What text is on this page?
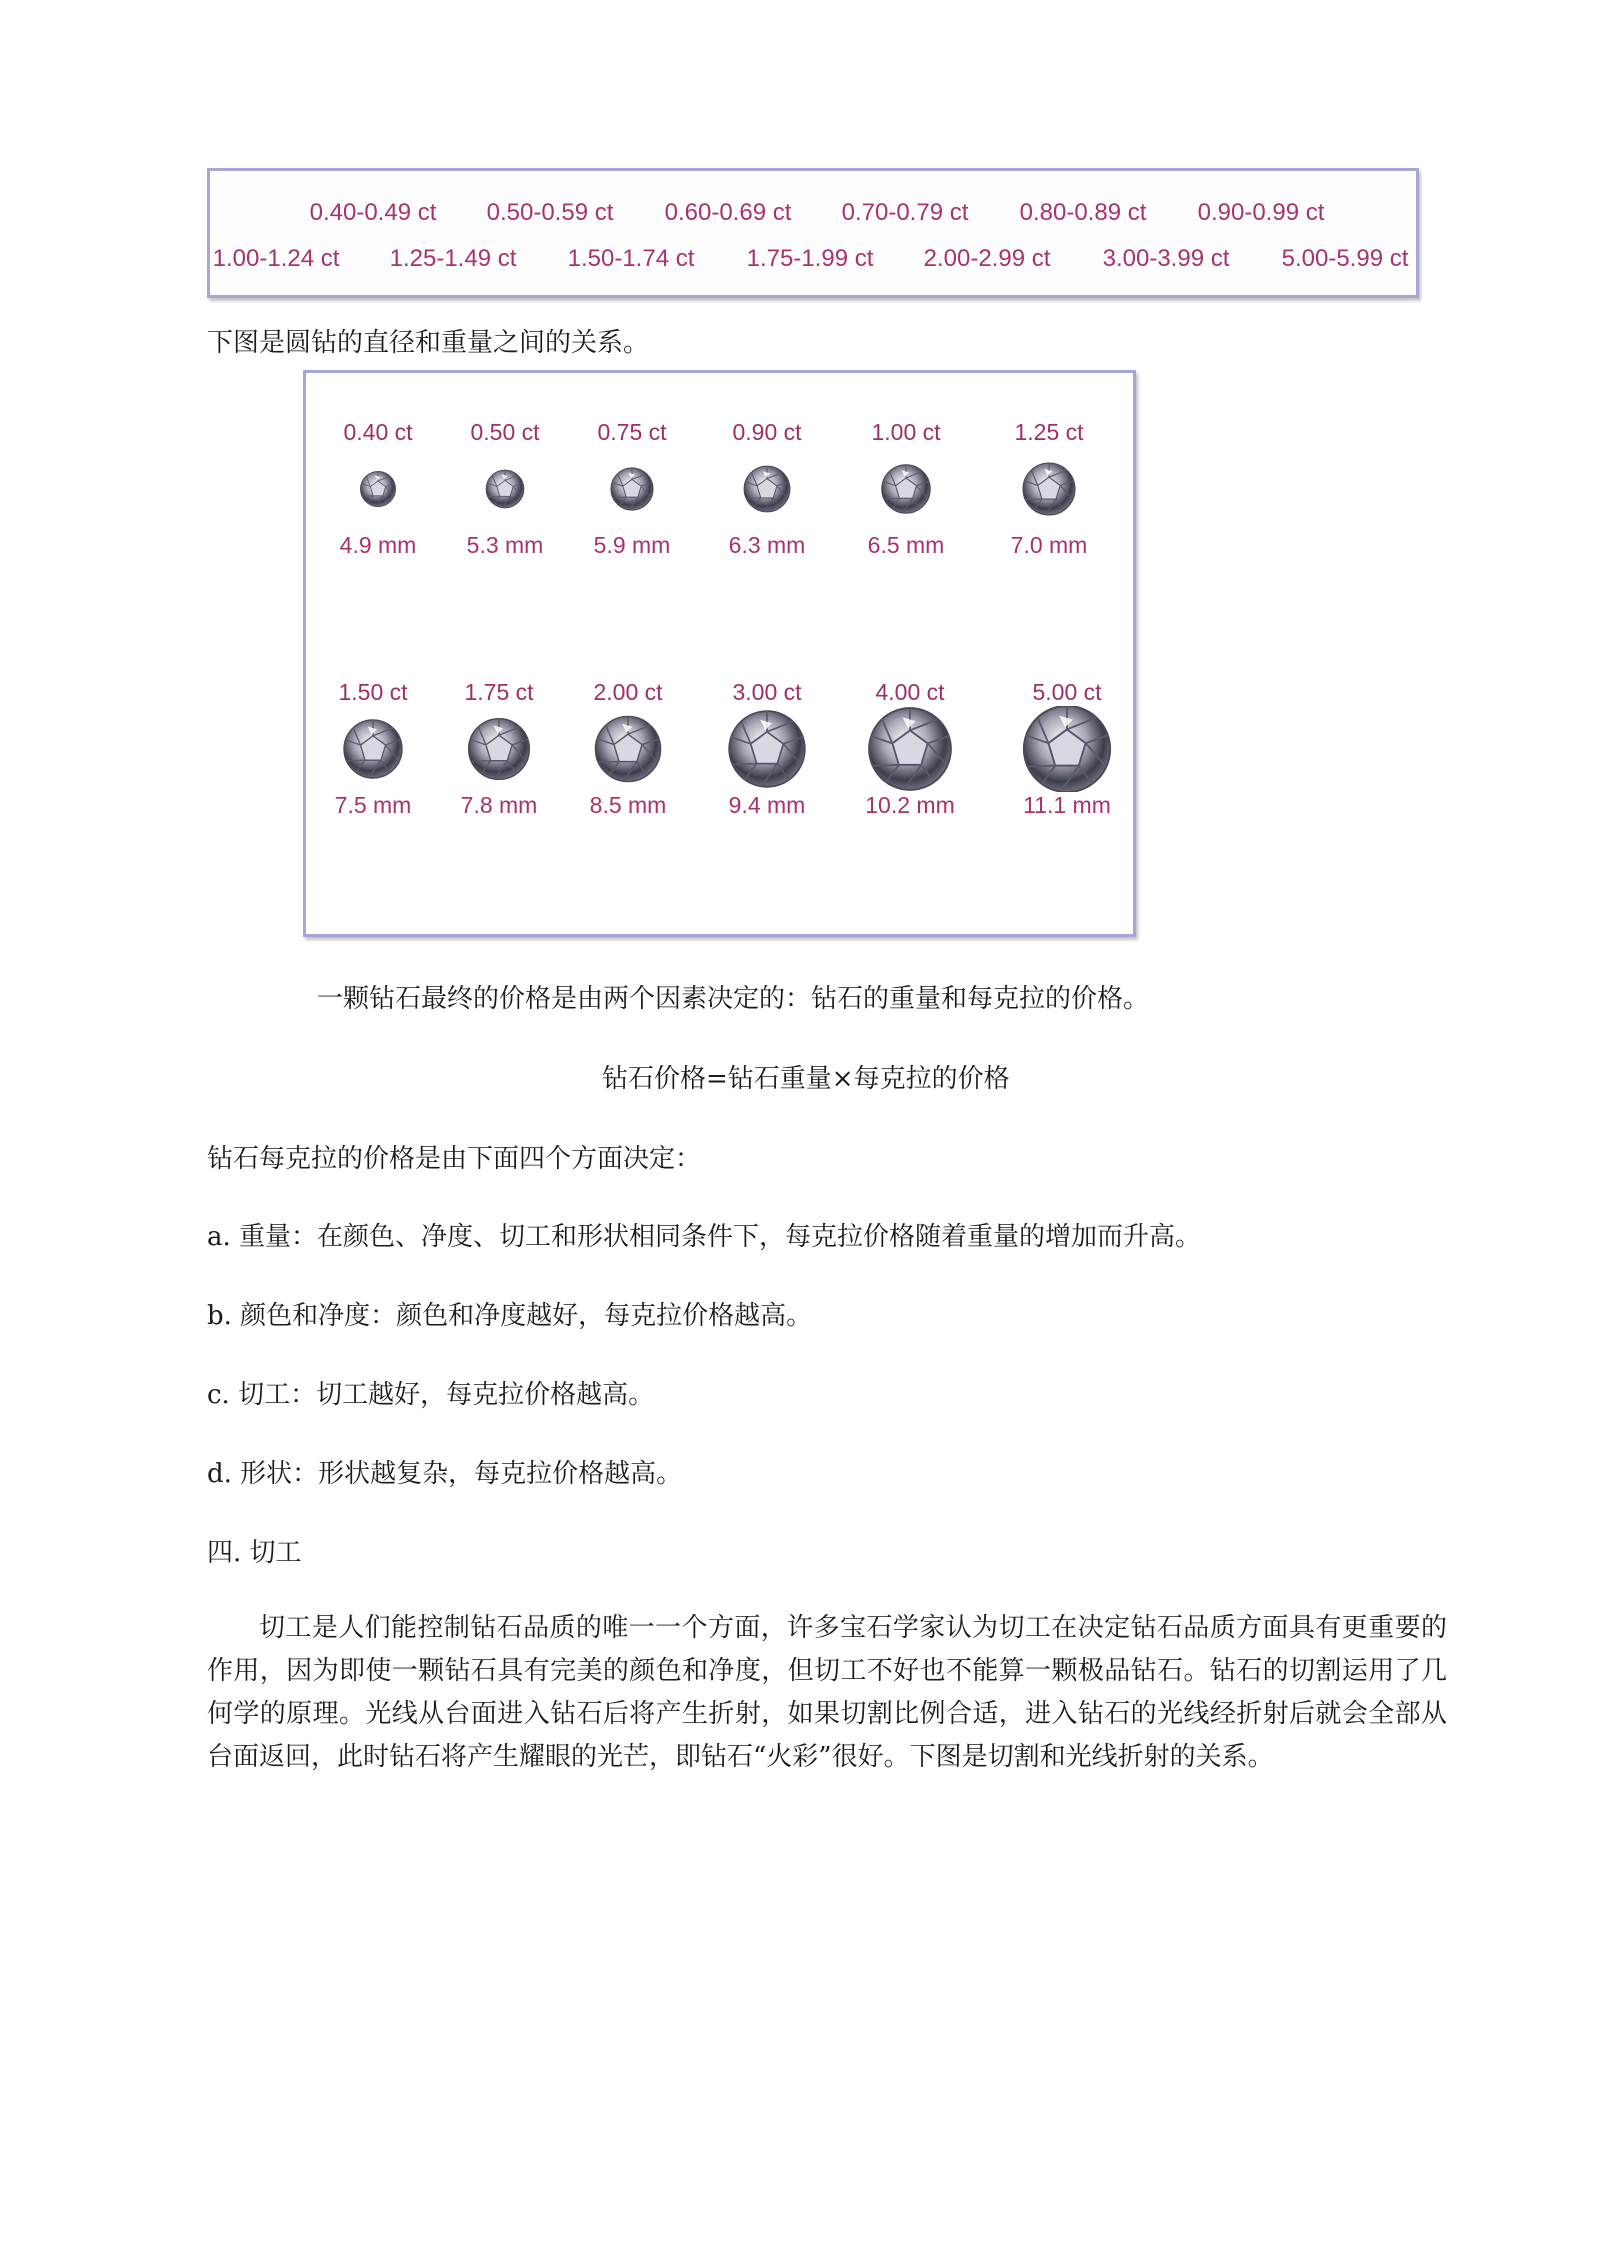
0.40-0.49 ct 0.50-0.59 ct 0.60-0.69 ct 0.70-0.79 ct 0.80-0.89 ct 0.90-0.99 ct
1.00-1.24 ct 1.25-1.49 ct 1.50-1.74 ct 1.75-1.99 ct 2.00-2.99 ct 3.00-3.99 ct 5.00-5.99 ct

下图是圆钻的直径和重量之间的关系。

0.40 ct
4.9 mm
0.50 ct
5.3 mm
0.75 ct
5.9 mm
0.90 ct
6.3 mm
1.00 ct
6.5 mm
1.25 ct
7.0 mm
1.50 ct
7.5 mm
1.75 ct
7.8 mm
2.00 ct
8.5 mm
3.00 ct
9.4 mm
4.00 ct
10.2 mm
5.00 ct
11.1 mm

一颗钻石最终的价格是由两个因素决定的：钻石的重量和每克拉的价格。

钻石价格=钻石重量×每克拉的价格

钻石每克拉的价格是由下面四个方面决定：

a. 重量：在颜色、净度、切工和形状相同条件下，每克拉价格随着重量的增加而升高。

b. 颜色和净度：颜色和净度越好，每克拉价格越高。

c. 切工：切工越好，每克拉价格越高。

d. 形状：形状越复杂，每克拉价格越高。

四. 切工

切工是人们能控制钻石品质的唯一一个方面，许多宝石学家认为切工在决定钻石品质方面具有更重要的作用，因为即使一颗钻石具有完美的颜色和净度，但切工不好也不能算一颗极品钻石。钻石的切割运用了几何学的原理。光线从台面进入钻石后将产生折射，如果切割比例合适，进入钻石的光线经折射后就会全部从台面返回，此时钻石将产生耀眼的光芒，即钻石“火彩”很好。下图是切割和光线折射的关系。
